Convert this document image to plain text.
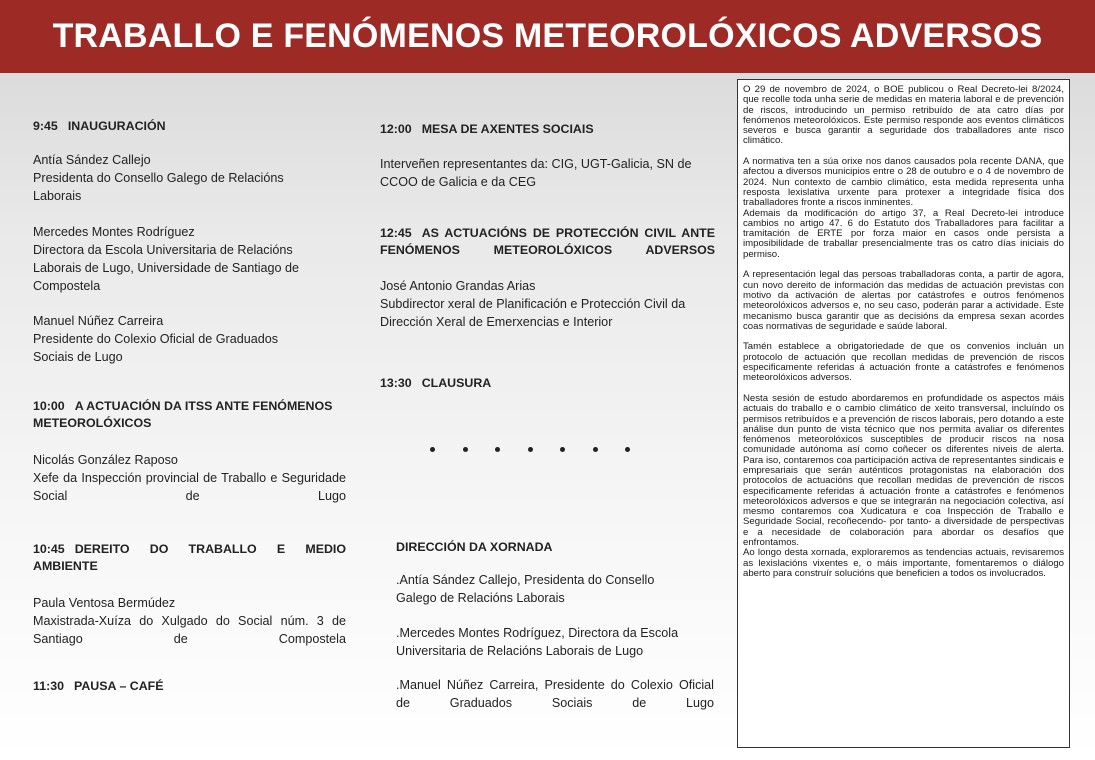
TRABALLO E FENÓMENOS METEOROLÓXICOS ADVERSOS
9:45 INAUGURACIÓN
Antía Sández Callejo
Presidenta do Consello Galego de Relacións Laborais
Mercedes Montes Rodríguez
Directora da Escola Universitaria de Relacións Laborais de Lugo, Universidade de Santiago de Compostela
Manuel Núñez Carreira
Presidente do Colexio Oficial de Graduados Sociais de Lugo
10:00 A ACTUACIÓN DA ITSS ANTE FENÓMENOS METEOROLÓXICOS
Nicolás González Raposo
Xefe da Inspección provincial de Traballo e Seguridade Social de Lugo
10:45 DEREITO DO TRABALLO E MEDIO AMBIENTE
Paula Ventosa Bermúdez
Maxistrada-Xuíza do Xulgado do Social núm. 3 de Santiago de Compostela
11:30 PAUSA – CAFÉ
12:00 MESA DE AXENTES SOCIAIS
Interveñen representantes da: CIG, UGT-Galicia, SN de CCOO de Galicia e da CEG
12:45 AS ACTUACIÓNS DE PROTECCIÓN CIVIL ANTE FENÓMENOS METEOROLÓXICOS ADVERSOS
José Antonio Grandas Arias
Subdirector xeral de Planificación e Protección Civil da Dirección Xeral de Emerxencias e Interior
13:30 CLAUSURA
DIRECCIÓN DA XORNADA
.Antía Sández Callejo, Presidenta do Consello Galego de Relacións Laborais
.Mercedes Montes Rodríguez, Directora da Escola Universitaria de Relacións Laborais de Lugo
.Manuel Núñez Carreira, Presidente do Colexio Oficial de Graduados Sociais de Lugo

O 29 de novembro de 2024, o BOE publicou o Real Decreto-lei 8/2024, que recolle toda unha serie de medidas en materia laboral e de prevención de riscos, introducindo un permiso retribuído de ata catro días por fenómenos meteorolóxicos. Este permiso responde aos eventos climáticos severos e busca garantir a seguridade dos traballadores ante risco climático.

A normativa ten a súa orixe nos danos causados pola recente DANA, que afectou a diversos municipios entre o 28 de outubro e o 4 de novembro de 2024. Nun contexto de cambio climático, esta medida representa unha resposta lexislativa urxente para protexer a integridade física dos traballadores fronte a riscos inminentes.

Ademais da modificación do artigo 37, a Real Decreto-lei introduce cambios no artigo 47. 6 do Estatuto dos Traballadores para facilitar a tramitación de ERTE por forza maior en casos onde persista a imposibilidade de traballar presencialmente tras os catro días iniciais do permiso.

A representación legal das persoas traballadoras conta, a partir de agora, cun novo dereito de información das medidas de actuación previstas con motivo da activación de alertas por catástrofes e outros fenómenos meteorolóxicos adversos e, no seu caso, poderán parar a actividade. Este mecanismo busca garantir que as decisións da empresa sexan acordes coas normativas de seguridade e saúde laboral.

Tamén establece a obrigatoriedade de que os convenios incluán un protocolo de actuación que recollan medidas de prevención de riscos especificamente referidas á actuación fronte a catástrofes e fenómenos meteorolóxicos adversos.

Nesta sesión de estudo abordaremos en profundidade os aspectos máis actuais do traballo e o cambio climático de xeito transversal, incluíndo os permisos retribuídos e a prevención de riscos laborais, pero dotando a este análise dun punto de vista técnico que nos permita avaliar os diferentes fenómenos meteorolóxicos susceptibles de producir riscos na nosa comunidade autónoma así como coñecer os diferentes niveis de alerta. Para iso, contaremos coa participación activa de representantes sindicais e empresariais que serán auténticos protagonistas na elaboración dos protocolos de actuacións que recollan medidas de prevención de riscos especificamente referidas á actuación fronte a catástrofes e fenómenos meteorolóxicos adversos e que se integrarán na negociación colectiva, así mesmo contaremos coa Xudicatura e coa Inspección de Traballo e Seguridade Social, recoñecendo- por tanto- a diversidade de perspectivas e a necesidade de colaboración para abordar os desafíos que enfrontamos.

Ao longo desta xornada, exploraremos as tendencias actuais, revisaremos as lexislacións vixentes e, o máis importante, fomentaremos o diálogo aberto para construír solucións que beneficien a todos os involucrados.
